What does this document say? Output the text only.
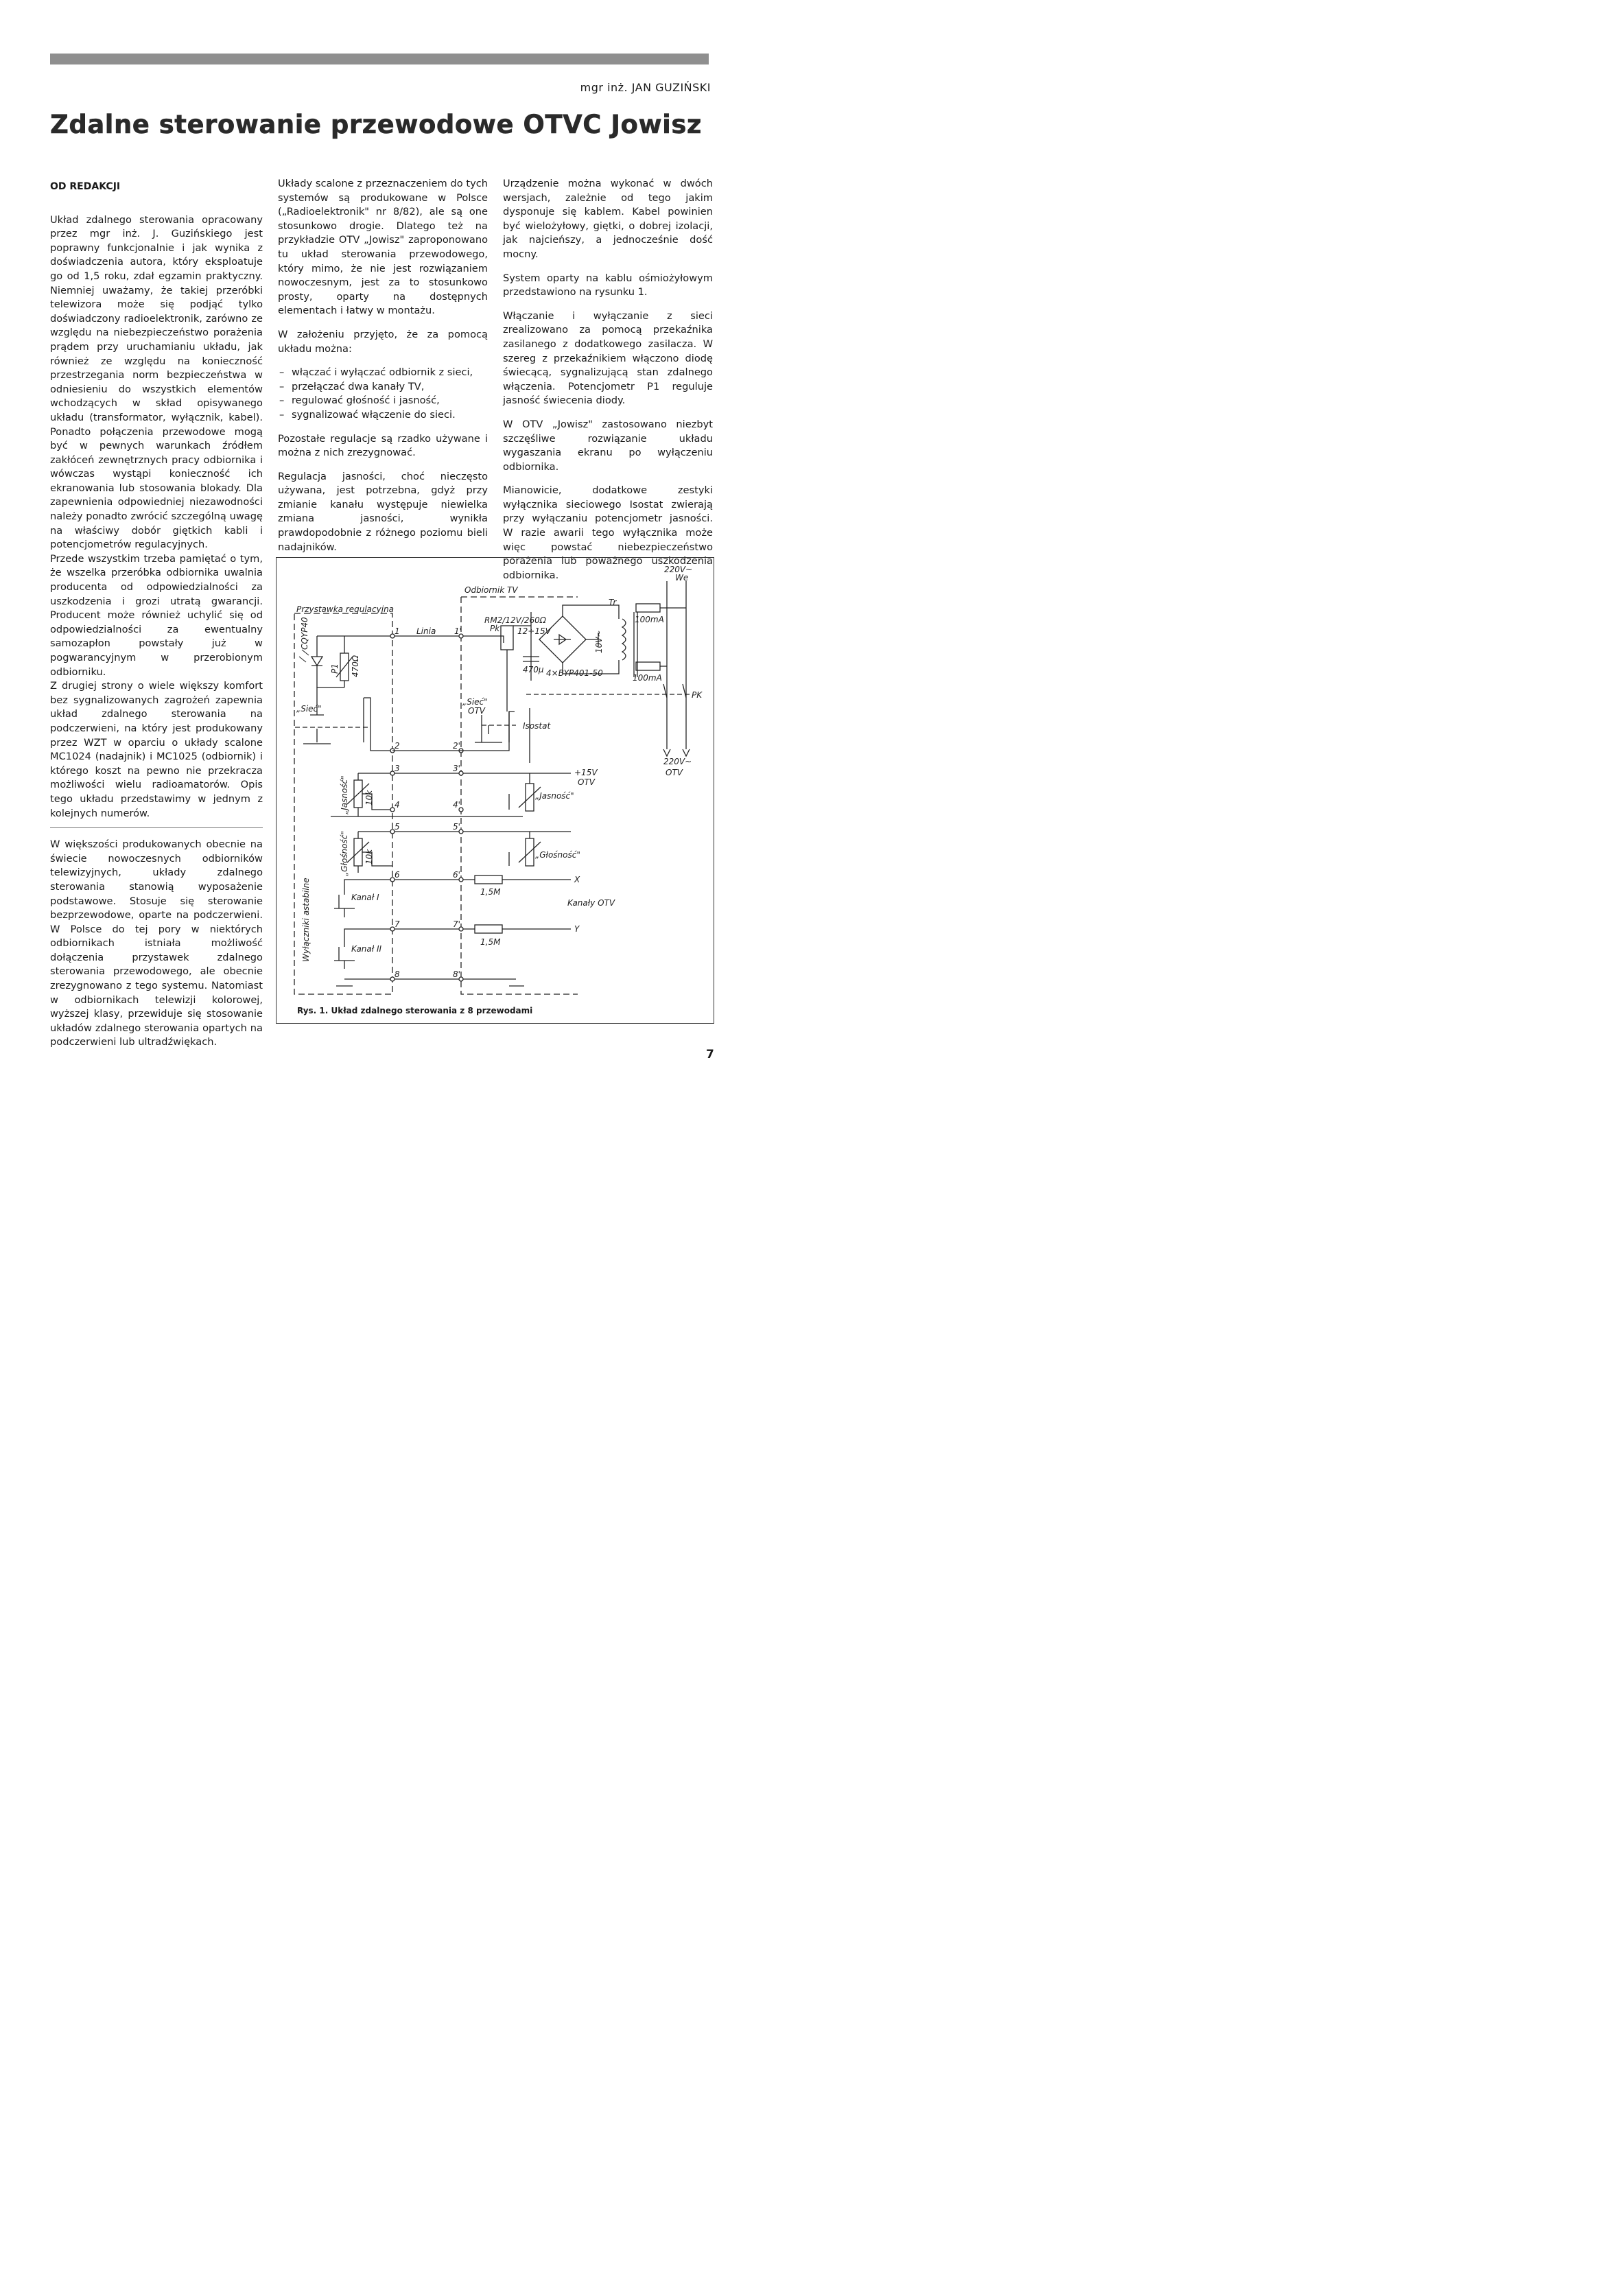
mgr inż. JAN GUZIŃSKI
Zdalne sterowanie przewodowe OTVC Jowisz
OD REDAKCJI

Układ zdalnego sterowania opracowany przez mgr inż. J. Guzińskiego jest poprawny funkcjonalnie i jak wynika z doświadczenia autora, który eksploatuje go od 1,5 roku, zdał egzamin praktyczny. Niemniej uważamy, że takiej przeróbki telewizora może się podjąć tylko doświadczony radioelektronik, zarówno ze względu na niebezpieczeństwo porażenia prądem przy uruchamianiu układu, jak również ze względu na konieczność przestrzegania norm bezpieczeństwa w odniesieniu do wszystkich elementów wchodzących w skład opisywanego układu (transformator, wyłącznik, kabel). Ponadto połączenia przewodowe mogą być w pewnych warunkach źródłem zakłóceń zewnętrznych pracy odbiornika i wówczas wystąpi konieczność ich ekranowania lub stosowania blokady. Dla zapewnienia odpowiedniej niezawodności należy ponadto zwrócić szczególną uwagę na właściwy dobór giętkich kabli i potencjometrów regulacyjnych.

Przede wszystkim trzeba pamiętać o tym, że wszelka przeróbka odbiornika uwalnia producenta od odpowiedzialności za uszkodzenia i grozi utratą gwarancji. Producent może również uchylić się od odpowiedzialności za ewentualny samozapłon powstały już w pogwarancyjnym w przerobionym odbiorniku.

Z drugiej strony o wiele większy komfort bez sygnalizowanych zagrożeń zapewnia układ zdalnego sterowania na podczerwieni, na który jest produkowany przez WZT w oparciu o układy scalone MC1024 (nadajnik) i MC1025 (odbiornik) i którego koszt na pewno nie przekracza możliwości wielu radioamatorów. Opis tego układu przedstawimy w jednym z kolejnych numerów.

W większości produkowanych obecnie na świecie nowoczesnych odbiorników telewizyjnych, układy zdalnego sterowania stanowią wyposażenie podstawowe. Stosuje się sterowanie bezprzewodowe, oparte na podczerwieni. W Polsce do tej pory w niektórych odbiornikach istniała możliwość dołączenia przystawek zdalnego sterowania przewodowego, ale obecnie zrezygnowano z tego systemu. Natomiast w odbiornikach telewizji kolorowej, wyższej klasy, przewiduje się stosowanie układów zdalnego sterowania opartych na podczerwieni lub ultradźwiękach.

Układy scalone z przeznaczeniem do tych systemów są produkowane w Polsce („Radioelektronik" nr 8/82), ale są one stosunkowo drogie. Dlatego też na przykładzie OTV „Jowisz" zaproponowano tu układ sterowania przewodowego, który mimo, że nie jest rozwiązaniem nowoczesnym, jest za to stosunkowo prosty, oparty na dostępnych elementach i łatwy w montażu.

W założeniu przyjęto, że za pomocą układu można:

– włączać i wyłączać odbiornik z sieci,
– przełączać dwa kanały TV,
– regulować głośność i jasność,
– sygnalizować włączenie do sieci.

Pozostałe regulacje są rzadko używane i można z nich zrezygnować.

Regulacja jasności, choć nieczęsto używana, jest potrzebna, gdyż przy zmianie kanału występuje niewielka zmiana jasności, wynikła prawdopodobnie z różnego poziomu bieli nadajników.

Urządzenie można wykonać w dwóch wersjach, zależnie od tego jakim dysponuje się kablem. Kabel powinien być wielożyłowy, giętki, o dobrej izolacji, jak najcieńszy, a jednocześnie dość mocny.

System oparty na kablu ośmiożyłowym przedstawiono na rysunku 1.

Włączanie i wyłączanie z sieci zrealizowano za pomocą przekaźnika zasilanego z dodatkowego zasilacza. W szereg z przekaźnikiem włączono diodę świecącą, sygnalizującą stan zdalnego włączenia. Potencjometr P1 reguluje jasność świecenia diody.

W OTV „Jowisz" zastosowano niezbyt szczęśliwe rozwiązanie układu wygaszania ekranu po wyłączeniu odbiornika.

Mianowicie, dodatkowe zestyki wyłącznika sieciowego Isostat zwierają przy wyłączaniu potencjometr jasności. W razie awarii tego wyłącznika może więc powstać niebezpieczeństwo porażenia lub poważnego uszkodzenia odbiornika.

Przystawka regulacyjna
Odbiornik TV
Linia
1	1'
CQYP40
470Ω
P1
„Sieć"
2	2'
„Sieć"
OTV
Isostat
3	3'	+15V
OTV
„Jasność" 10k	„Jasność"
4	4'
5	5'
„Głośność" 10k	„Głośność"
6	6'
1,5M
X
Kanał I
7	7'
1,5M
Y
Kanał II
Kanały OTV
Wyłączniki astabilne
8	8'
RM2/12V/260Ω
Pk 12÷15V
470µ 4×BYP401-50
10V~
Tr
100mA
100mA
220V~
We
PK
220V~
OTV
Rys. 1. Układ zdalnego sterowania z 8 przewodami
7
